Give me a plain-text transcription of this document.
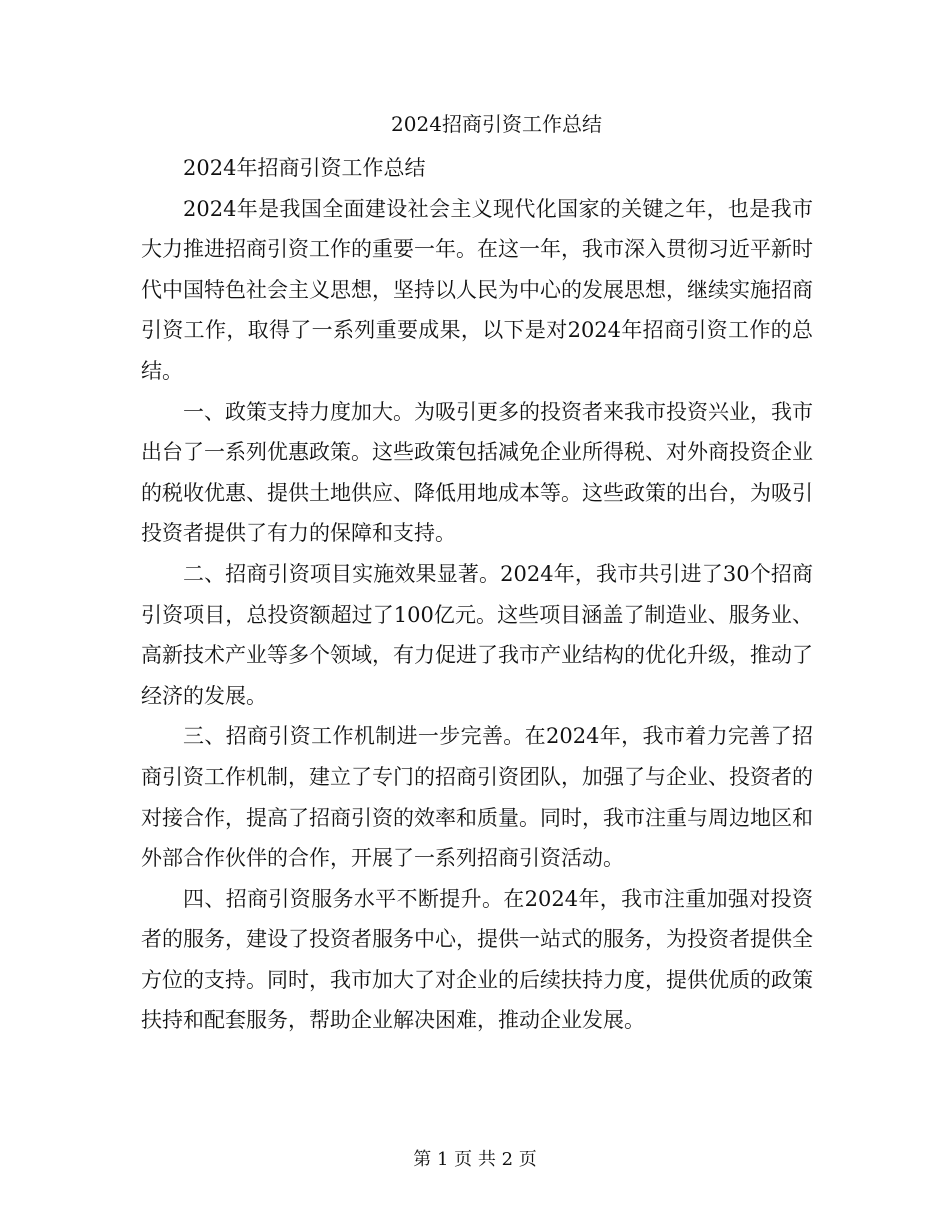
2024招商引资工作总结

2024年招商引资工作总结

2024年是我国全面建设社会主义现代化国家的关键之年，也是我市大力推进招商引资工作的重要一年。在这一年，我市深入贯彻习近平新时代中国特色社会主义思想，坚持以人民为中心的发展思想，继续实施招商引资工作，取得了一系列重要成果，以下是对2024年招商引资工作的总结。

一、政策支持力度加大。为吸引更多的投资者来我市投资兴业，我市出台了一系列优惠政策。这些政策包括减免企业所得税、对外商投资企业的税收优惠、提供土地供应、降低用地成本等。这些政策的出台，为吸引投资者提供了有力的保障和支持。

二、招商引资项目实施效果显著。2024年，我市共引进了30个招商引资项目，总投资额超过了100亿元。这些项目涵盖了制造业、服务业、高新技术产业等多个领域，有力促进了我市产业结构的优化升级，推动了经济的发展。

三、招商引资工作机制进一步完善。在2024年，我市着力完善了招商引资工作机制，建立了专门的招商引资团队，加强了与企业、投资者的对接合作，提高了招商引资的效率和质量。同时，我市注重与周边地区和外部合作伙伴的合作，开展了一系列招商引资活动。

四、招商引资服务水平不断提升。在2024年，我市注重加强对投资者的服务，建设了投资者服务中心，提供一站式的服务，为投资者提供全方位的支持。同时，我市加大了对企业的后续扶持力度，提供优质的政策扶持和配套服务，帮助企业解决困难，推动企业发展。

第 1 页 共 2 页
